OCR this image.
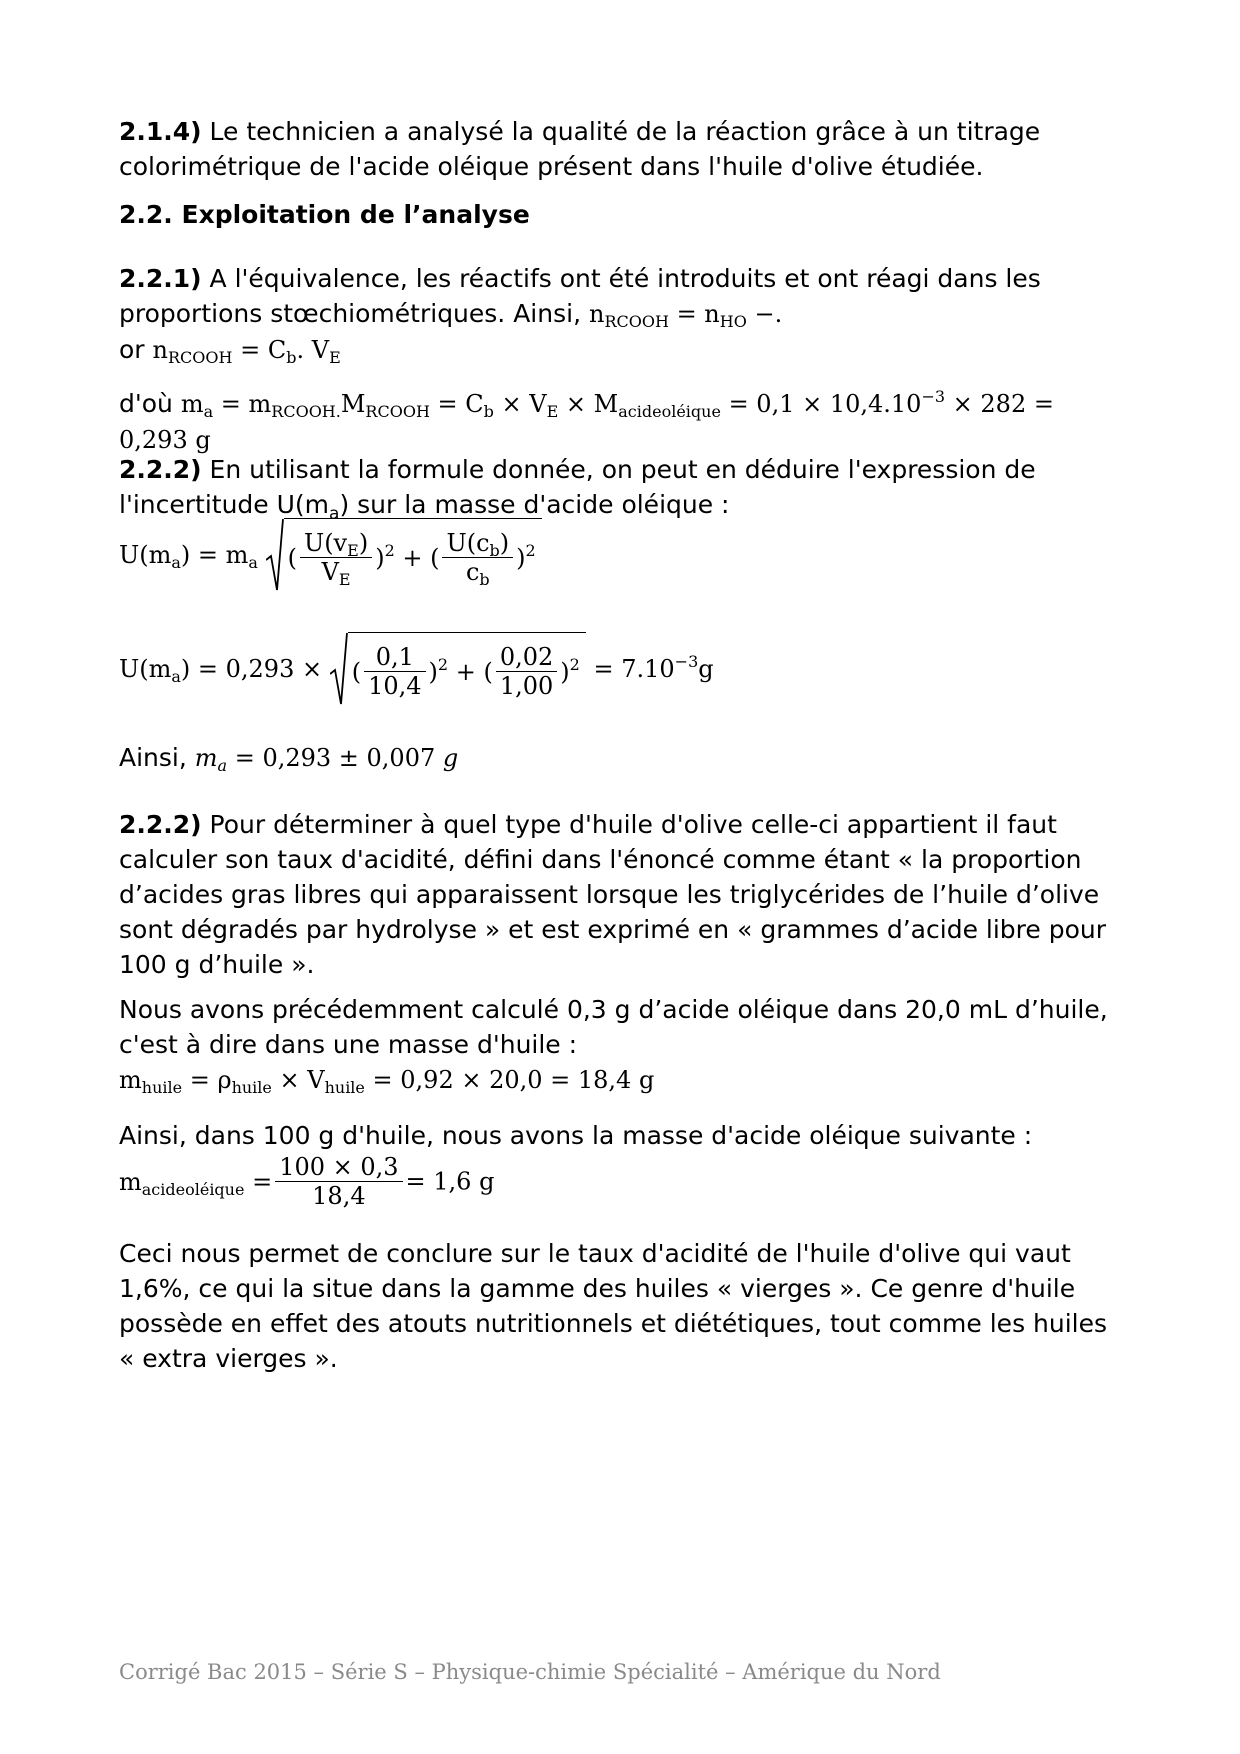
2.1.4) Le technicien a analysé la qualité de la réaction grâce à un titrage colorimétrique de l'acide oléique présent dans l'huile d'olive étudiée.

2.2. Exploitation de l’analyse

2.2.1) A l'équivalence, les réactifs ont été introduits et ont réagi dans les proportions stœchiométriques. Ainsi, $n_{RCOOH} = n_{HO}$ −.

or $n_{RCOOH} = C_b$. $V_E$

d'où $m_a = m_{RCOOH.}M_{RCOOH} = C_b \times V_E \times M_{acideoléique} = 0,1 \times 10,4.10^{-3} \times 282 = 0,293$ g

2.2.2) En utilisant la formule donnée, on peut en déduire l'expression de l'incertitude $U(m_a)$ sur la masse d'acide oléique :

$U(m_a) = m_a$ ( $\frac{U(v_E)}{V_E} )^2$ + ( $\frac{U(c_b)}{c_b} )^2$
$U(m_a) = 0,293$ × ( $\frac{0,1}{10,4} )^2$ + ( $\frac{0,02}{1,00} )^2 = 7.10^{-3}g$

Ainsi, $m_a = 0,293 \pm 0,007$ g

2.2.2) Pour déterminer à quel type d'huile d'olive celle-ci appartient il faut calculer son taux d'acidité, défini dans l'énoncé comme étant « la proportion d’acides gras libres qui apparaissent lorsque les triglycérides de l’huile d’olive sont dégradés par hydrolyse » et est exprimé en « grammes d’acide libre pour 100 g d’huile ».

Nous avons précédemment calculé 0,3 g d’acide oléique dans 20,0 mL d’huile, c'est à dire dans une masse d'huile :

$m_{huile} = \rho_{huile} \times V_{huile} = 0,92 \times 20,0 = 18,4$ g

Ainsi, dans 100 g d'huile, nous avons la masse d'acide oléique suivante :

$m_{acideoléique} = \frac{100 \times 0,3}{18,4} = 1,6$ g

Ceci nous permet de conclure sur le taux d'acidité de l'huile d'olive qui vaut 1,6%, ce qui la situe dans la gamme des huiles « vierges ». Ce genre d'huile possède en effet des atouts nutritionnels et diététiques, tout comme les huiles « extra vierges ».

Corrigé Bac 2015 – Série S – Physique-chimie Spécialité – Amérique du Nord
